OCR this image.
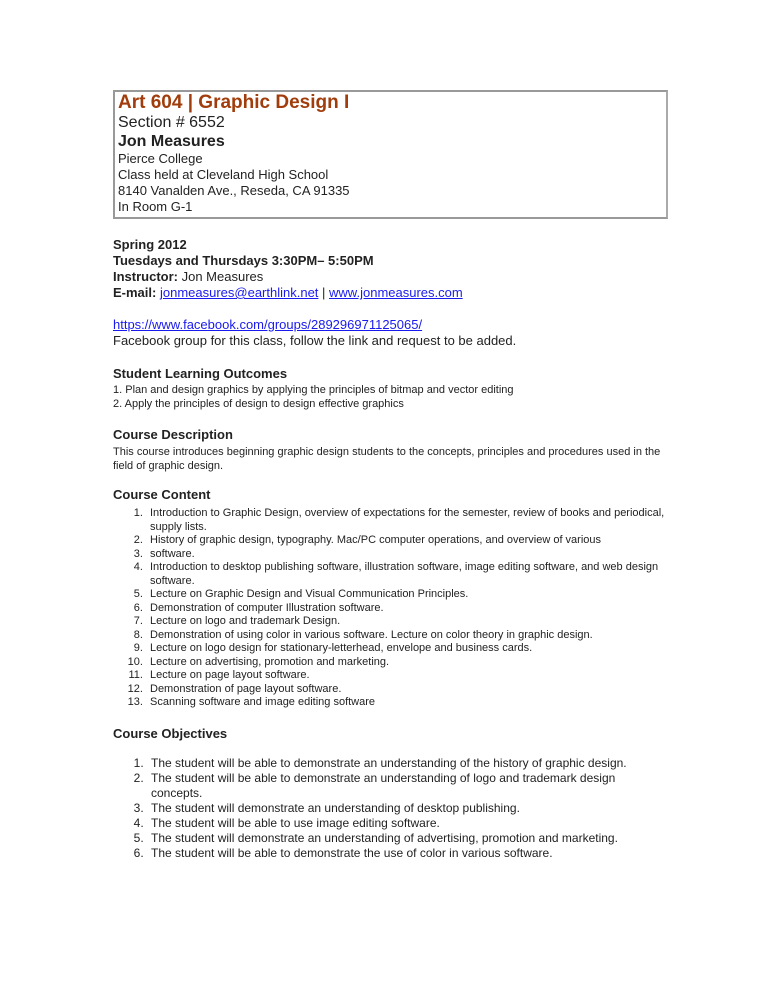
Art 604 | Graphic Design I
Section # 6552
Jon Measures
Pierce College
Class held at Cleveland High School
8140 Vanalden Ave., Reseda, CA 91335
In Room G-1
Spring 2012
Tuesdays and Thursdays 3:30PM– 5:50PM
Instructor: Jon Measures
E-mail: jonmeasures@earthlink.net | www.jonmeasures.com
https://www.facebook.com/groups/289296971125065/
Facebook group for this class, follow the link and request to be added.
Student Learning Outcomes
1. Plan and design graphics by applying the principles of bitmap and vector editing
2. Apply the principles of design to design effective graphics
Course Description
This course introduces beginning graphic design students to the concepts, principles and procedures used in the field of graphic design.
Course Content
1. Introduction to Graphic Design, overview of expectations for the semester, review of books and periodical, supply lists.
2. History of graphic design, typography. Mac/PC computer operations, and overview of various
3. software.
4. Introduction to desktop publishing software, illustration software, image editing software, and web design software.
5. Lecture on Graphic Design and Visual Communication Principles.
6. Demonstration of computer Illustration software.
7. Lecture on logo and trademark Design.
8. Demonstration of using color in various software. Lecture on color theory in graphic design.
9. Lecture on logo design for stationary-letterhead, envelope and business cards.
10. Lecture on advertising, promotion and marketing.
11. Lecture on page layout software.
12. Demonstration of page layout software.
13. Scanning software and image editing software
Course Objectives
1. The student will be able to demonstrate an understanding of the history of graphic design.
2. The student will be able to demonstrate an understanding of logo and trademark design concepts.
3. The student will demonstrate an understanding of desktop publishing.
4. The student will be able to use image editing software.
5. The student will demonstrate an understanding of advertising, promotion and marketing.
6. The student will be able to demonstrate the use of color in various software.
